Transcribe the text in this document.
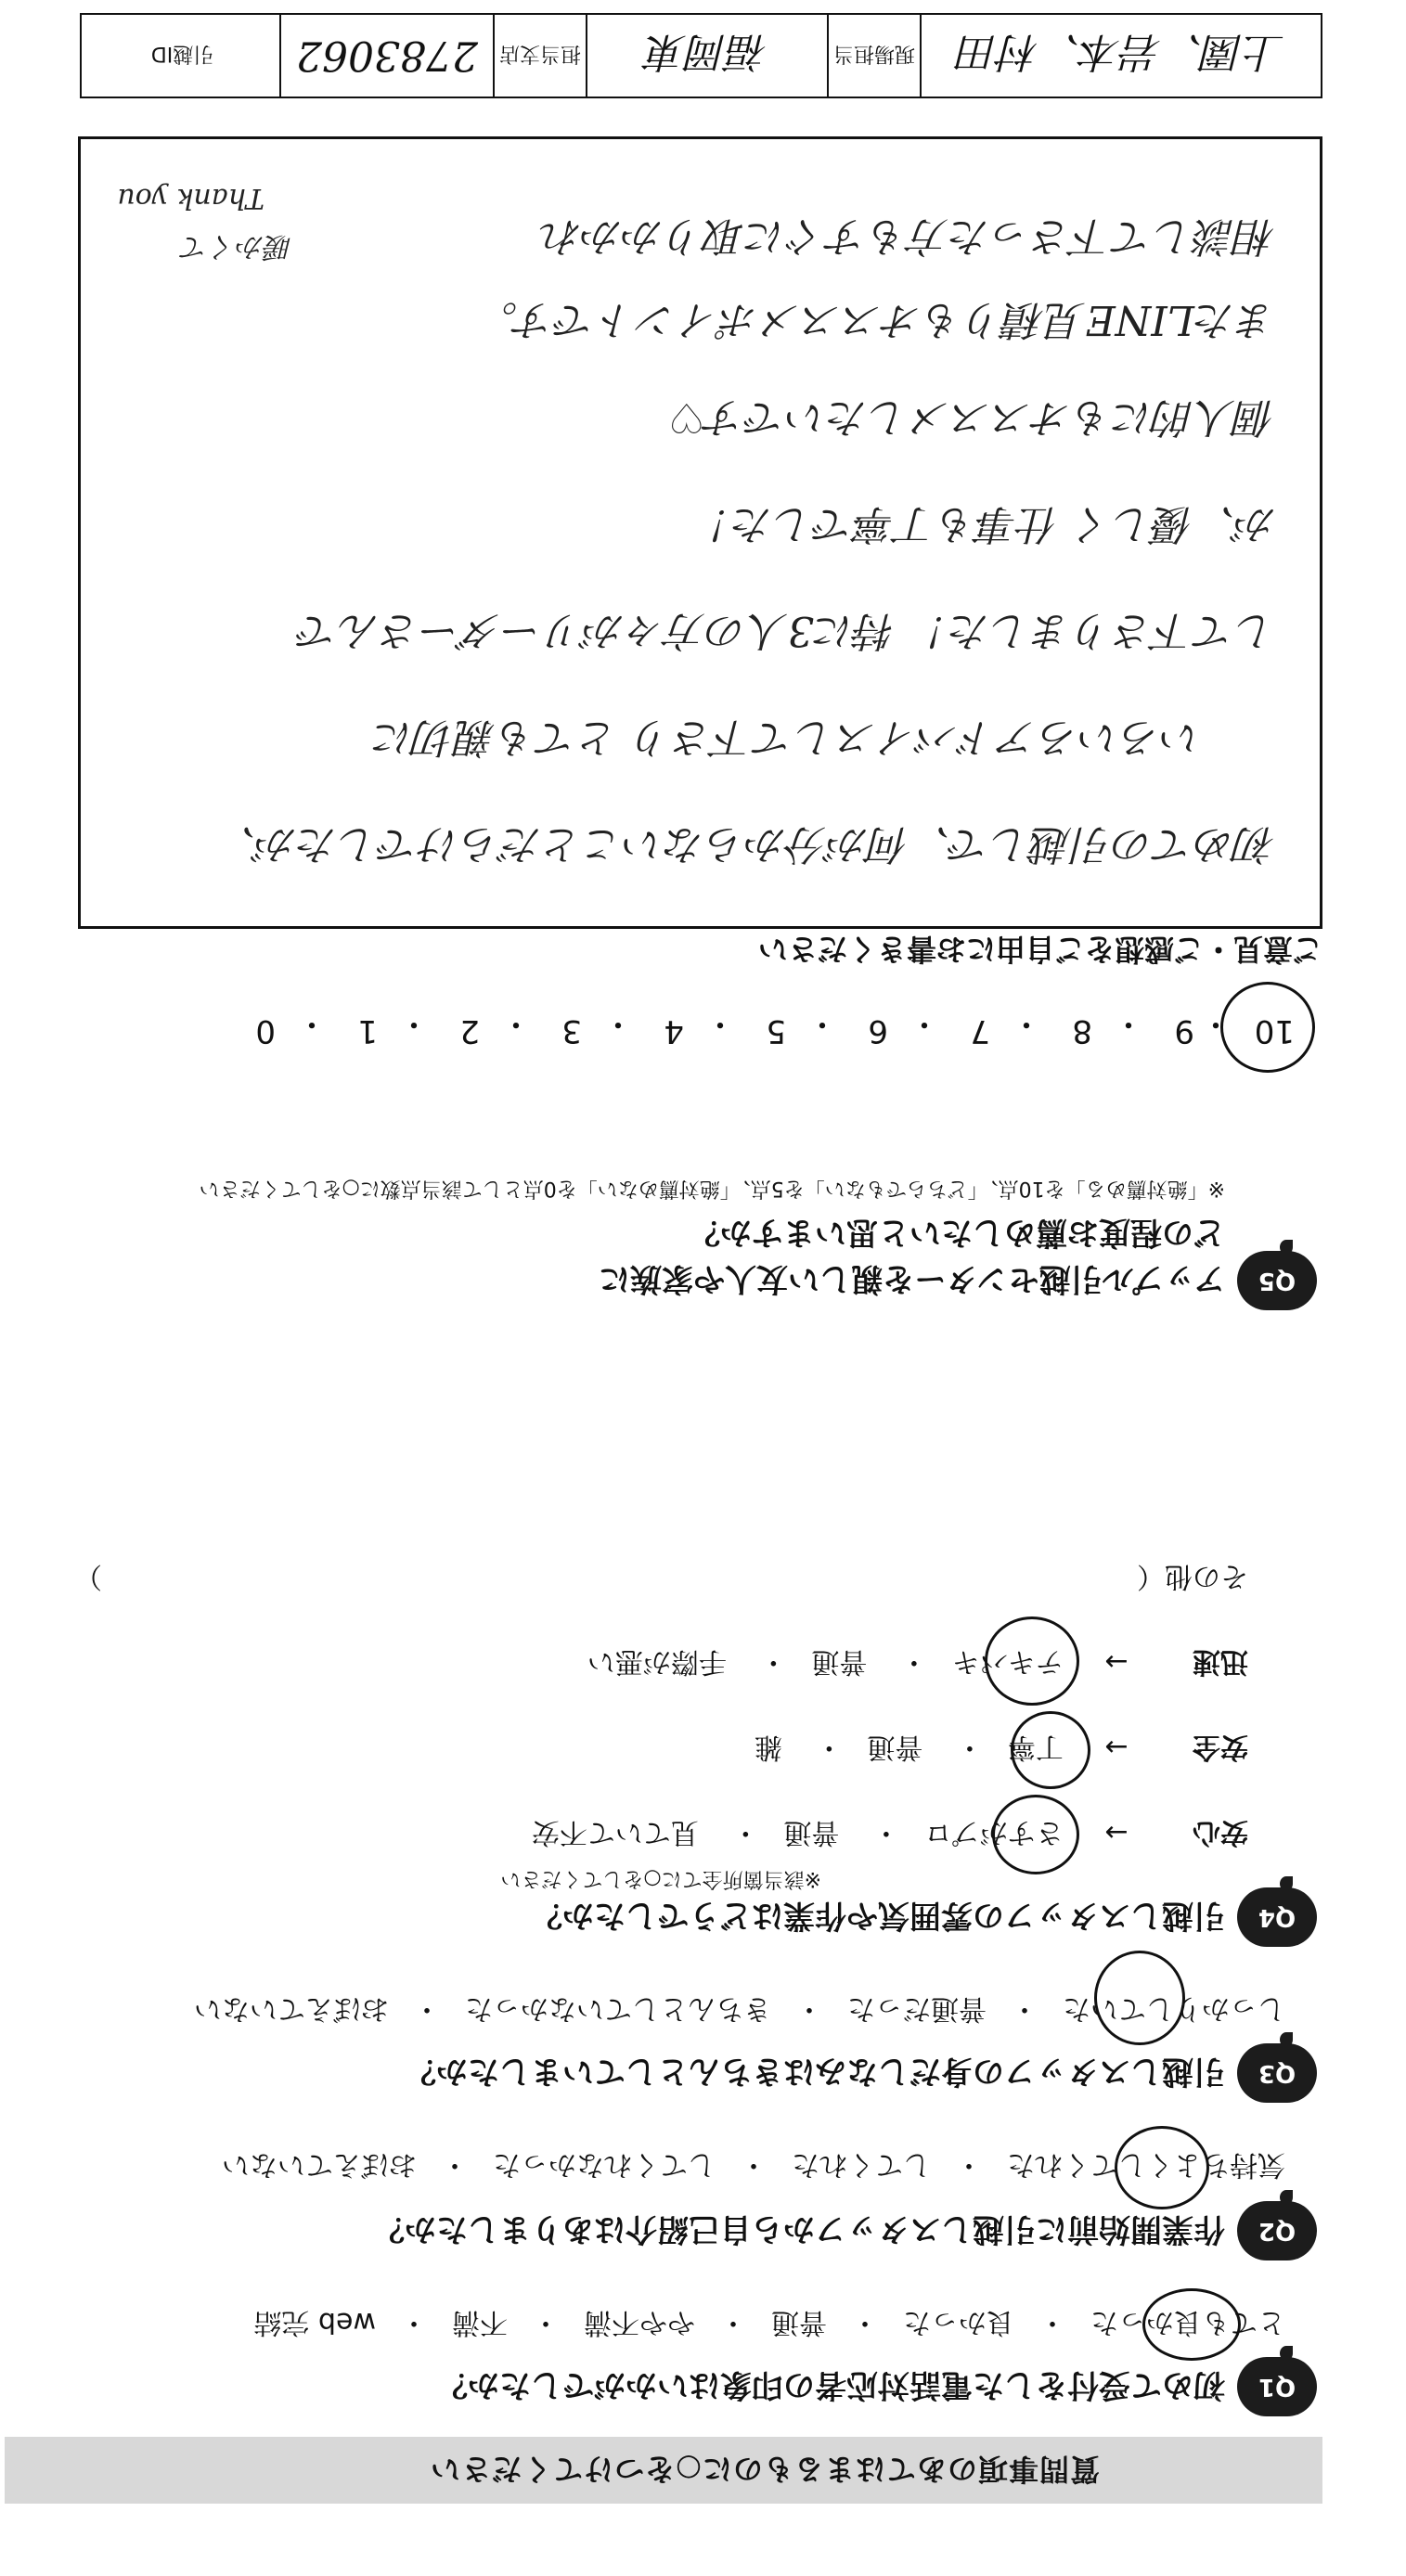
質問事項のあてはまるものに○をつけてください
Q1
初めて受付をした電話対応者の印象はいかがでしたか？
とても良かった
・
良かった
・
普通
・
やや不満
・
不満
・
web 完結
Q2
作業開始前に引越しスタッフから自己紹介はありましたか？
気持ちよくしてくれた
・
してくれた
・
してくれなかった
・
おぼえていない
Q3
引越しスタッフの身だしなみはきちんとしていましたか？
しっかりしていた
・
普通だった
・
きちんとしていなかった
・
おぼえていない
Q4
引越しスタッフの雰囲気や作業はどうでしたか？
※該当箇所全てに○をしてください
安心 → さすがプロ・ 普通・ 見ていて不安
安全 → 丁寧・ 普通・ 雑
迅速 → テキパキ・ 普通・ 手際が悪い
その他（
）
Q5
アップル引越センターを親しい友人や家族に
どの程度お薦めしたいと思いますか？
※「絶対薦める」を10点、「どちらでもない」を5点、「絶対薦めない」を0点として該当点数に○をしてください
10
・
9
・
8
・
7
・
6
・
5
・
4
・
3
・
2
・
1
・
0
ご意見・ご感想をご自由にお書きください
初めての引越しで、何が分からないことだらけでしたが、
いろいろアドバイスして下さり とても親切に
して下さりました！ 特に3人の方々がリーダーさんで
が、優しく 仕事も丁寧でした！
個人的にもオススメしたいです♡
またLINE見積りもオススメポイントです。
相談して下さった方もすぐに取りかかれ
暖かくて
Thank you
上園、岩本、村田
現場担当
福岡東
担当支店
2783062
引越ID
